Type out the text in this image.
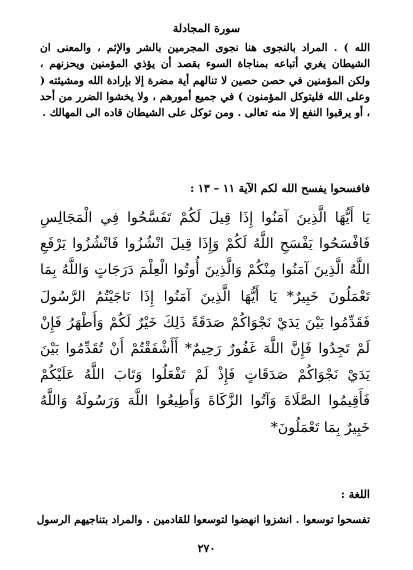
سورة المجادلة

الله ) . المراد بالنجوى هنا نجوى المجرمين بالشر والإثم ، والمعنى ان الشيطان يغري أتباعه بمناجاة السوء بقصد أن يؤذي المؤمنين ويحزنهم ، ولكن المؤمنين في حصن حصين لا تنالهم أية مضرة إلا بإرادة الله ومشيئته ( وعلى الله فليتوكل المؤمنون ) في جميع أمورهم ، ولا يخشوا الضرر من أحد ، أو يرقبوا النفع إلا منه تعالى . ومن توكل على الشيطان قاده الى المهالك .

فافسحوا يفسح الله لكم الآية ١١ – ١٣ :

يَا أَيُّهَا الَّذِينَ آمَنُوا إِذَا قِيلَ لَكُمْ تَفَسَّحُوا فِي الْمَجَالِسِ فَافْسَحُوا يَفْسَحِ اللَّهُ لَكُمْ وَإِذَا قِيلَ انْشُزُوا فَانْشُزُوا يَرْفَعِ اللَّهُ الَّذِينَ آمَنُوا مِنْكُمْ وَالَّذِينَ أُوتُوا الْعِلْمَ دَرَجَاتٍ وَاللَّهُ بِمَا تَعْمَلُونَ خَبِيرٌ* يَا أَيُّهَا الَّذِينَ آمَنُوا إِذَا نَاجَيْتُمُ الرَّسُولَ فَقَدِّمُوا بَيْنَ يَدَيْ نَجْوَاكُمْ صَدَقَةً ذَلِكَ خَيْرٌ لَكُمْ وَأَطْهَرُ فَإِنْ لَمْ تَجِدُوا فَإِنَّ اللَّهَ غَفُورٌ رَحِيمٌ* أَأَشْفَقْتُمْ أَنْ تُقَدِّمُوا بَيْنَ يَدَيْ نَجْوَاكُمْ صَدَقَاتٍ فَإِذْ لَمْ تَفْعَلُوا وَتَابَ اللَّهُ عَلَيْكُمْ فَأَقِيمُوا الصَّلَاةَ وَآتُوا الزَّكَاةَ وَأَطِيعُوا اللَّهَ وَرَسُولَهُ وَاللَّهُ خَبِيرٌ بِمَا تَعْمَلُونَ*

اللغة :
تفسحوا توسعوا . انشزوا انهضوا لتوسعوا للقادمين . والمراد بتناجيهم الرسول
٢٧٠
